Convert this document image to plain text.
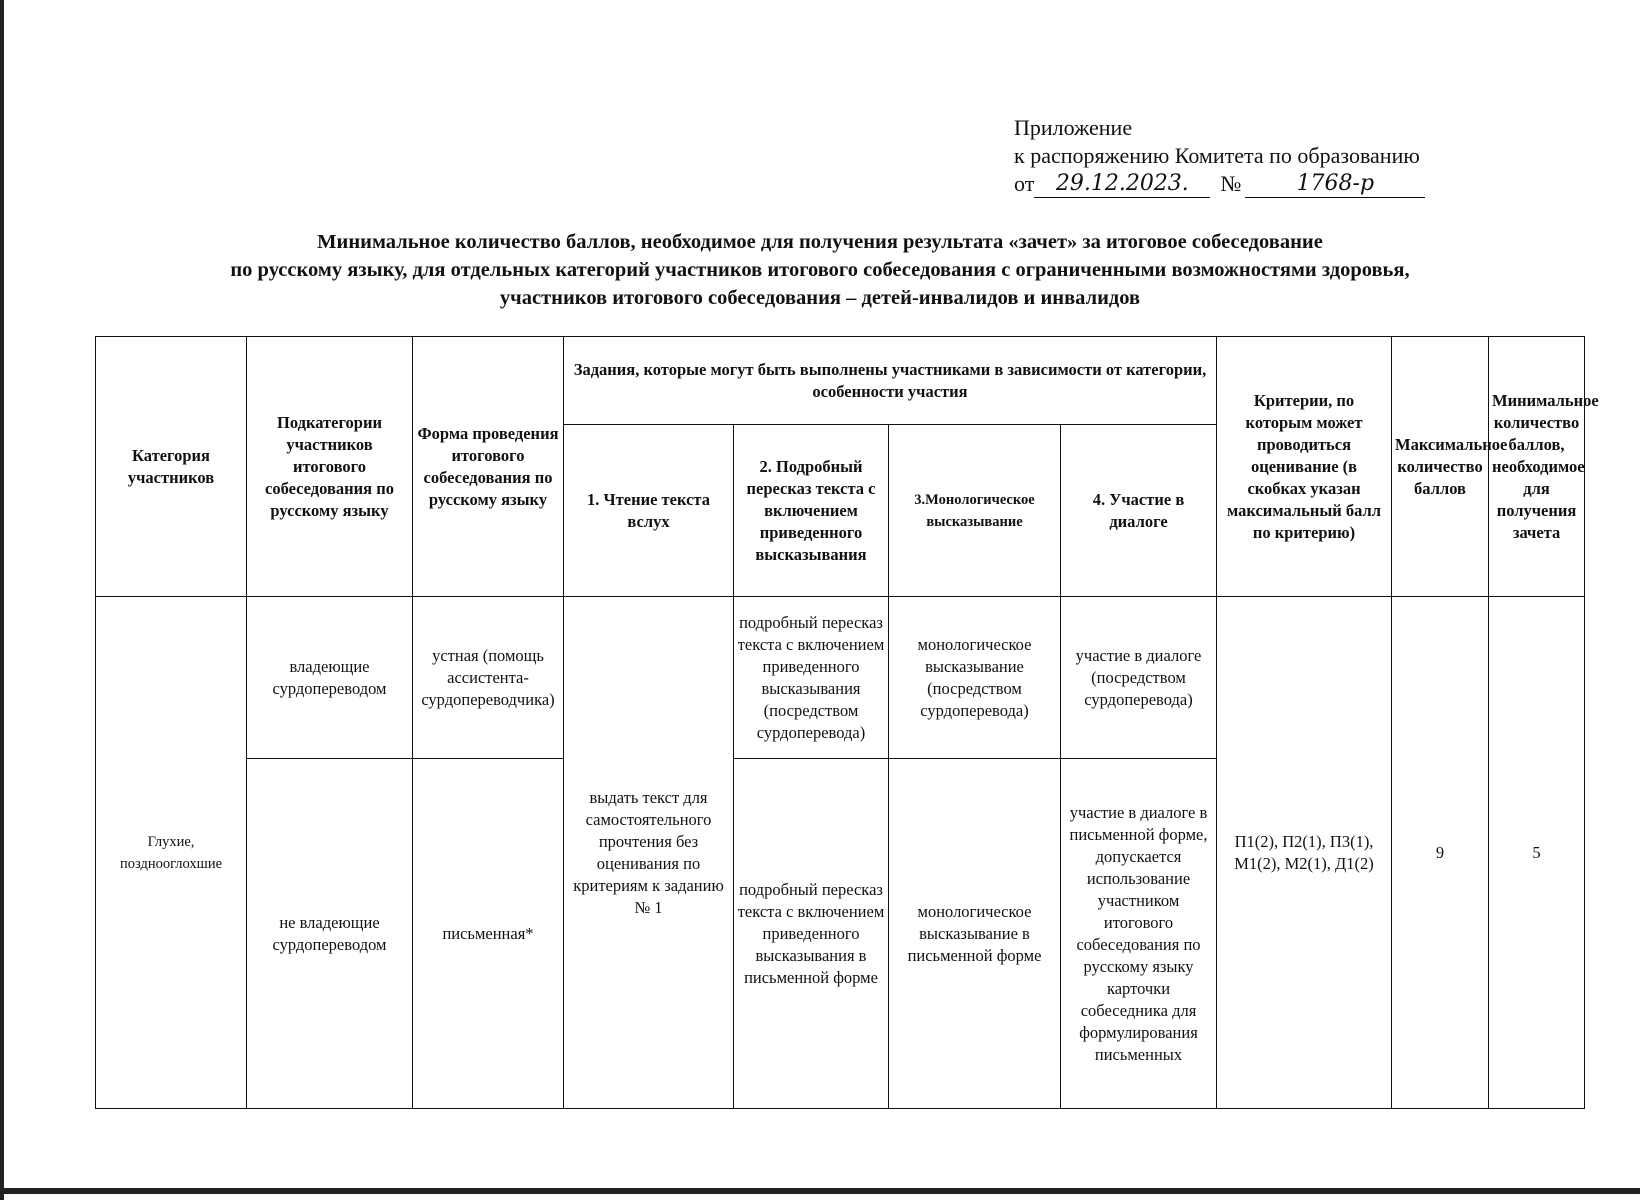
Приложение
к распоряжению Комитета по образованию
от 29.12.2023.	№	1768-р
Минимальное количество баллов, необходимое для получения результата «зачет» за итоговое собеседование
по русскому языку, для отдельных категорий участников итогового собеседования с ограниченными возможностями здоровья,
участников итогового собеседования – детей-инвалидов и инвалидов
Категория участников	Подкатегории участников итогового собеседования по русскому языку	Форма проведения итогового собеседования по русскому языку	Задания, которые могут быть выполнены участниками в зависимости от категории, особенности участия				Критерии, по которым может проводиться оценивание (в скобках указан максимальный балл по критерию)	Максимальное количество баллов	Минимальное количество баллов, необходимое для получения зачета
			1. Чтение текста вслух	2. Подробный пересказ текста с включением приведенного высказывания	3.Монологическое высказывание	4. Участие в диалоге			
Глухие, позднооглохшие	владеющие сурдопереводом	устная (помощь ассистента-сурдопереводчика)	выдать текст для самостоятельного прочтения без оценивания по критериям к заданию № 1	подробный пересказ текста с включением приведенного высказывания (посредством сурдоперевода)	монологическое высказывание (посредством сурдоперевода)	участие в диалоге (посредством сурдоперевода)	П1(2), П2(1), П3(1), М1(2), М2(1), Д1(2)	9	5
	не владеющие сурдопереводом	письменная*		подробный пересказ текста с включением приведенного высказывания в письменной форме	монологическое высказывание в письменной форме	участие в диалоге в письменной форме, допускается использование участником итогового собеседования по русскому языку карточки собеседника для формулирования письменных			
